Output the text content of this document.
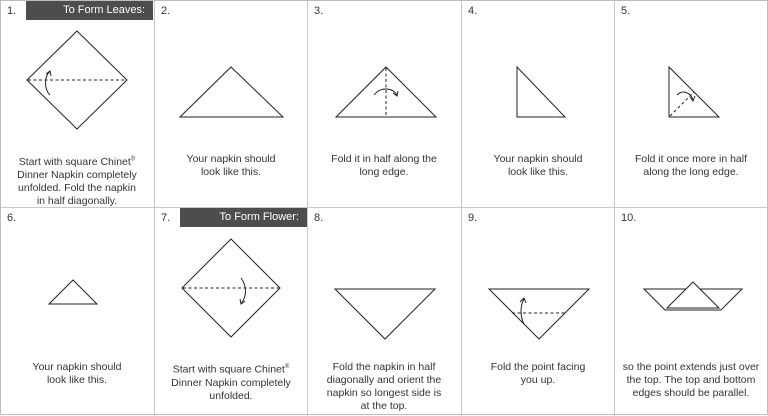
To Form Leaves:
1.
Start with square Chinet®
Dinner Napkin completely
unfolded. Fold the napkin
in half diagonally.
2.
Your napkin should
look like this.
3.
Fold it in half along the
long edge.
4.
Your napkin should
look like this.
5.
Fold it once more in half
along the long edge.
6.
Your napkin should
look like this.
To Form Flower:
7.
Start with square Chinet®
Dinner Napkin completely
unfolded.
8.
Fold the napkin in half
diagonally and orient the
napkin so longest side is
at the top.
9.
Fold the point facing
you up.
10.
so the point extends just over
the top. The top and bottom
edges should be parallel.
